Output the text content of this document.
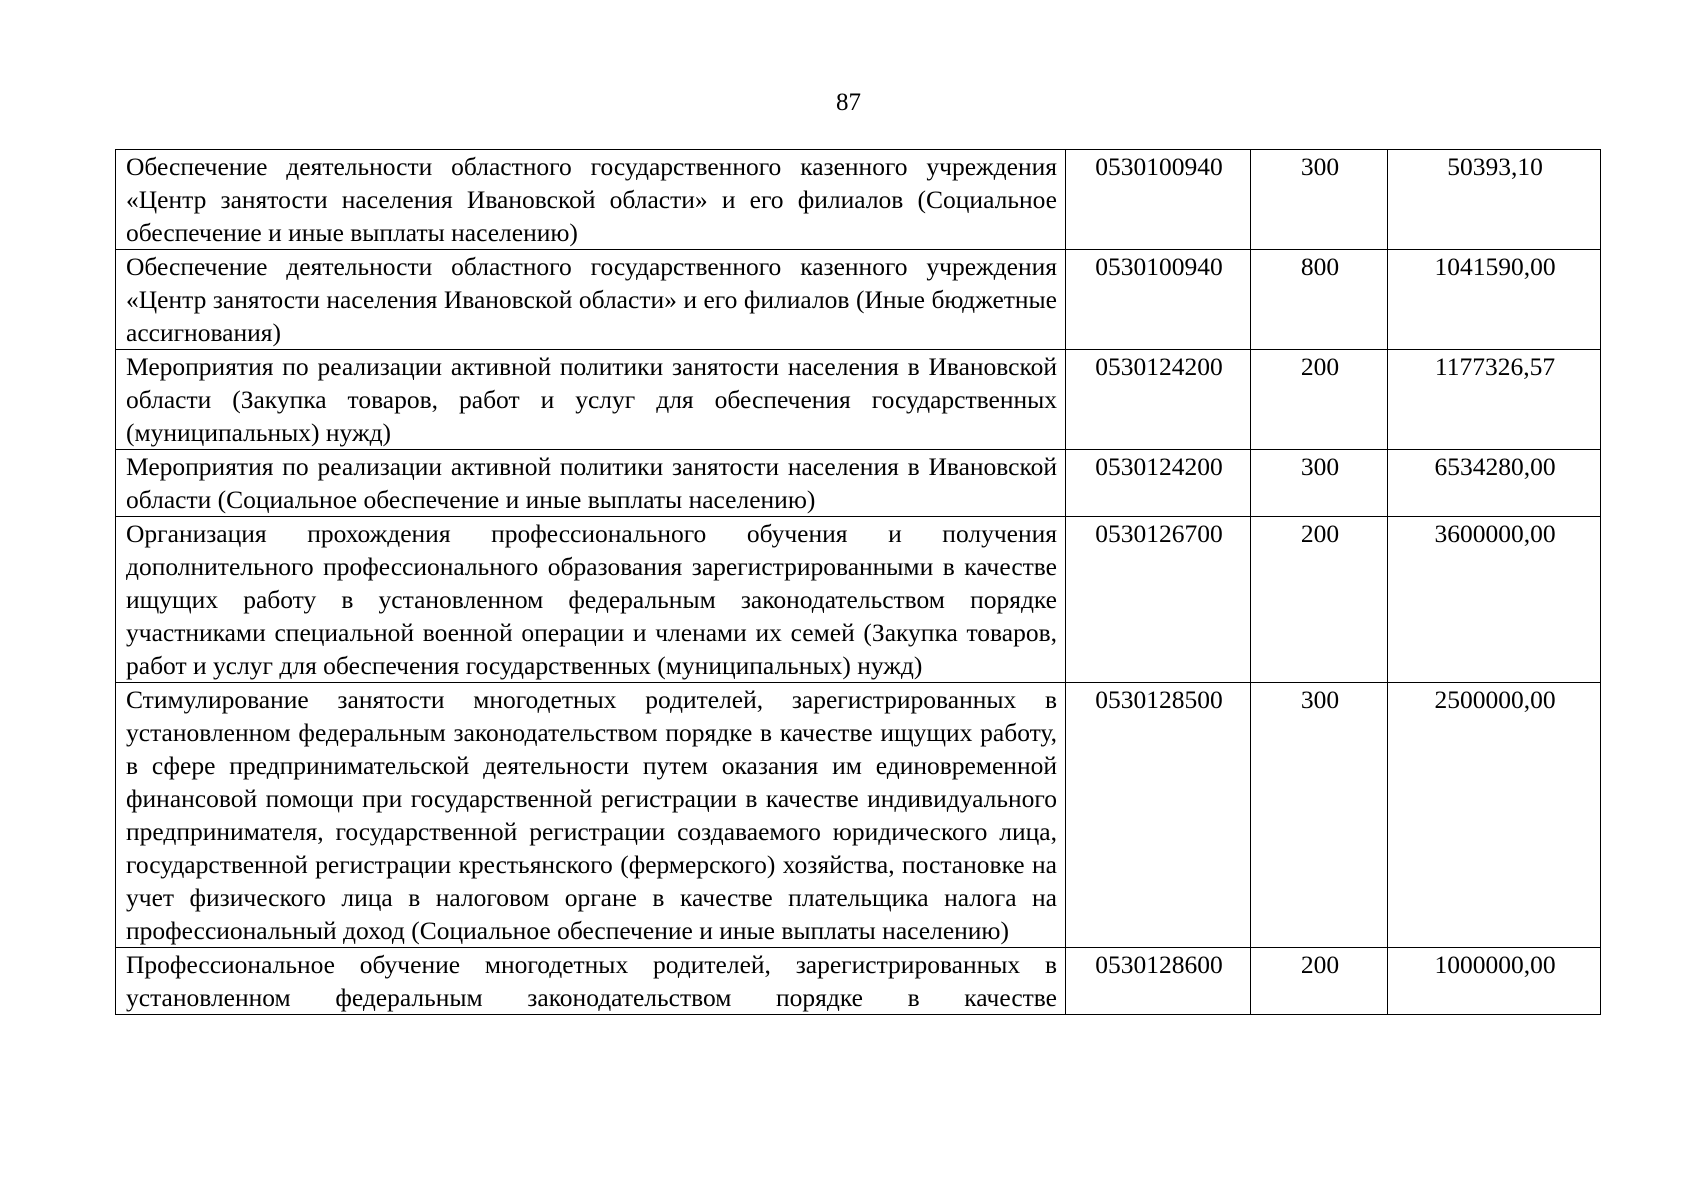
87
Обеспечение деятельности областного государственного казенного учреждения «Центр занятости населения Ивановской области» и его филиалов (Социальное обеспечение и иные выплаты населению)	0530100940	300	50393,10
Обеспечение деятельности областного государственного казенного учреждения «Центр занятости населения Ивановской области» и его филиалов (Иные бюджетные ассигнования)	0530100940	800	1041590,00
Мероприятия по реализации активной политики занятости населения в Ивановской области (Закупка товаров, работ и услуг для обеспечения государственных (муниципальных) нужд)	0530124200	200	1177326,57
Мероприятия по реализации активной политики занятости населения в Ивановской области (Социальное обеспечение и иные выплаты населению)	0530124200	300	6534280,00
Организация прохождения профессионального обучения и получения дополнительного профессионального образования зарегистрированными в качестве ищущих работу в установленном федеральным законодательством порядке участниками специальной военной операции и членами их семей (Закупка товаров, работ и услуг для обеспечения государственных (муниципальных) нужд)	0530126700	200	3600000,00
Стимулирование занятости многодетных родителей, зарегистрированных в установленном федеральным законодательством порядке в качестве ищущих работу, в сфере предпринимательской деятельности путем оказания им единовременной финансовой помощи при государственной регистрации в качестве индивидуального предпринимателя, государственной регистрации создаваемого юридического лица, государственной регистрации крестьянского (фермерского) хозяйства, постановке на учет физического лица в налоговом органе в качестве плательщика налога на профессиональный доход (Социальное обеспечение и иные выплаты населению)	0530128500	300	2500000,00
Профессиональное обучение многодетных родителей, зарегистрированных в установленном федеральным законодательством порядке в качестве	0530128600	200	1000000,00
